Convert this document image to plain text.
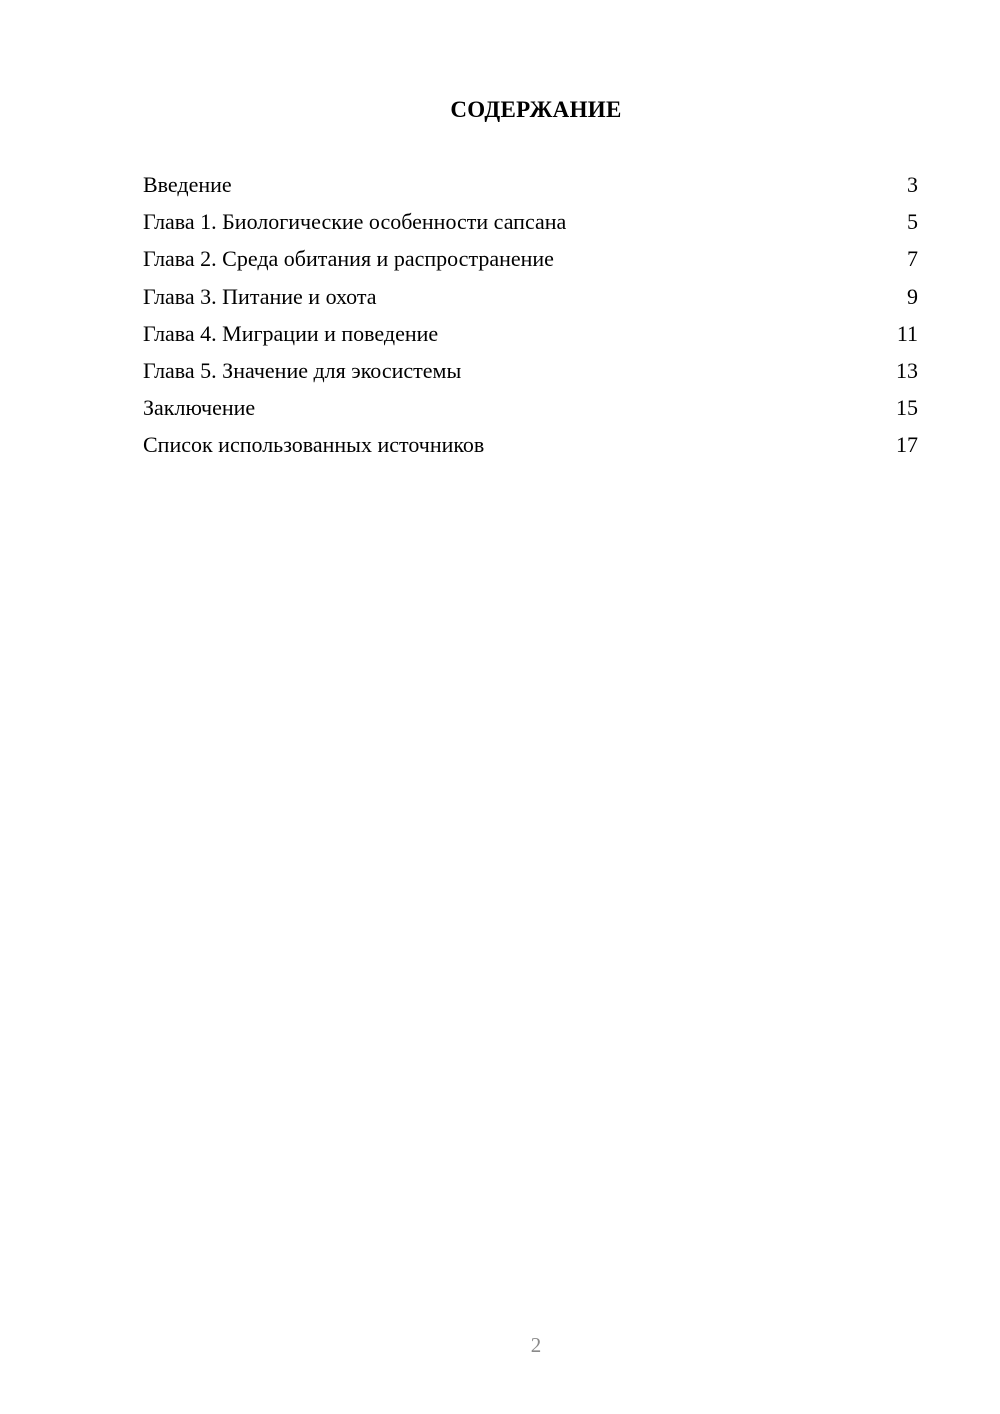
СОДЕРЖАНИЕ
Введение	3
Глава 1. Биологические особенности сапсана	5
Глава 2. Среда обитания и распространение	7
Глава 3. Питание и охота	9
Глава 4. Миграции и поведение	11
Глава 5. Значение для экосистемы	13
Заключение	15
Список использованных источников	17
2
